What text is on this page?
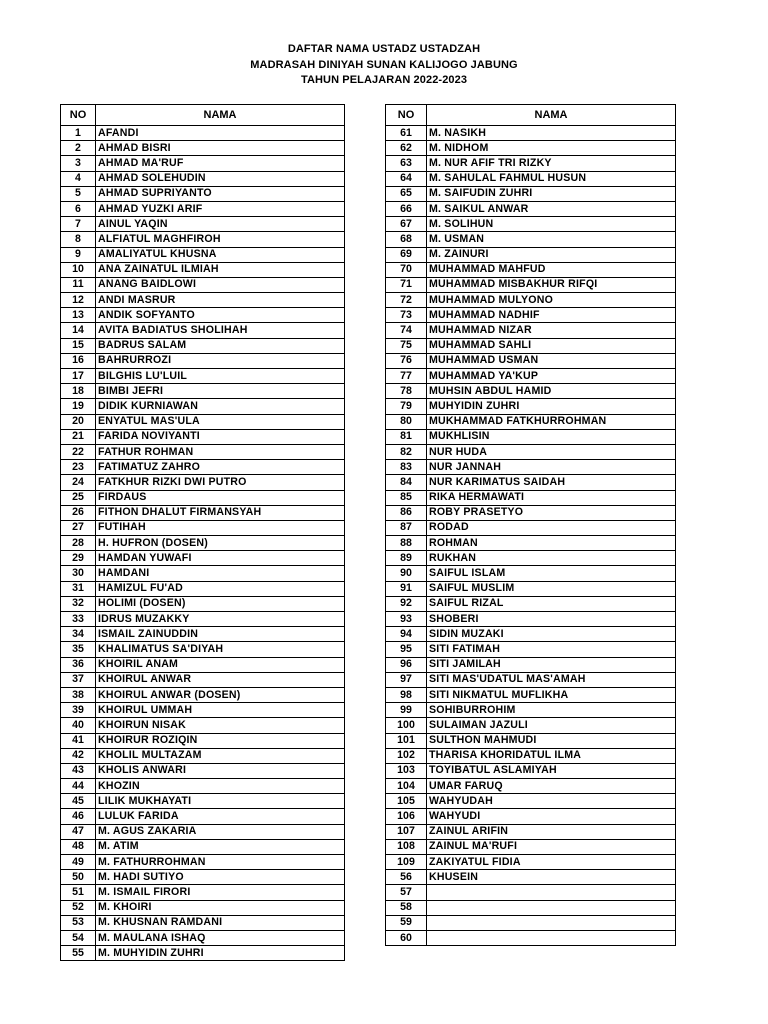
DAFTAR NAMA USTADZ USTADZAH
MADRASAH DINIYAH SUNAN KALIJOGO JABUNG
TAHUN PELAJARAN 2022-2023
NO	NAMA
1	AFANDI
2	AHMAD BISRI
3	AHMAD MA'RUF
4	AHMAD SOLEHUDIN
5	AHMAD SUPRIYANTO
6	AHMAD YUZKI ARIF
7	AINUL YAQIN
8	ALFIATUL MAGHFIROH
9	AMALIYATUL KHUSNA
10	ANA ZAINATUL ILMIAH
11	ANANG BAIDLOWI
12	ANDI MASRUR
13	ANDIK SOFYANTO
14	AVITA BADIATUS SHOLIHAH
15	BADRUS SALAM
16	BAHRURROZI
17	BILGHIS LU'LUIL
18	BIMBI JEFRI
19	DIDIK KURNIAWAN
20	ENYATUL MAS'ULA
21	FARIDA NOVIYANTI
22	FATHUR ROHMAN
23	FATIMATUZ ZAHRO
24	FATKHUR RIZKI DWI PUTRO
25	FIRDAUS
26	FITHON DHALUT FIRMANSYAH
27	FUTIHAH
28	H. HUFRON (DOSEN)
29	HAMDAN YUWAFI
30	HAMDANI
31	HAMIZUL FU'AD
32	HOLIMI (DOSEN)
33	IDRUS MUZAKKY
34	ISMAIL ZAINUDDIN
35	KHALIMATUS SA'DIYAH
36	KHOIRIL ANAM
37	KHOIRUL ANWAR
38	KHOIRUL ANWAR (DOSEN)
39	KHOIRUL UMMAH
40	KHOIRUN NISAK
41	KHOIRUR ROZIQIN
42	KHOLIL MULTAZAM
43	KHOLIS ANWARI
44	KHOZIN
45	LILIK MUKHAYATI
46	LULUK FARIDA
47	M. AGUS ZAKARIA
48	M. ATIM
49	M. FATHURROHMAN
50	M. HADI SUTIYO
51	M. ISMAIL FIRORI
52	M. KHOIRI
53	M. KHUSNAN RAMDANI
54	M. MAULANA ISHAQ
55	M. MUHYIDIN ZUHRI
NO	NAMA
61	M. NASIKH
62	M. NIDHOM
63	M. NUR AFIF TRI RIZKY
64	M. SAHULAL FAHMUL HUSUN
65	M. SAIFUDIN ZUHRI
66	M. SAIKUL ANWAR
67	M. SOLIHUN
68	M. USMAN
69	M. ZAINURI
70	MUHAMMAD MAHFUD
71	MUHAMMAD MISBAKHUR RIFQI
72	MUHAMMAD MULYONO
73	MUHAMMAD NADHIF
74	MUHAMMAD NIZAR
75	MUHAMMAD SAHLI
76	MUHAMMAD USMAN
77	MUHAMMAD YA'KUP
78	MUHSIN ABDUL HAMID
79	MUHYIDIN ZUHRI
80	MUKHAMMAD FATKHURROHMAN
81	MUKHLISIN
82	NUR HUDA
83	NUR JANNAH
84	NUR KARIMATUS SAIDAH
85	RIKA HERMAWATI
86	ROBY PRASETYO
87	RODAD
88	ROHMAN
89	RUKHAN
90	SAIFUL ISLAM
91	SAIFUL MUSLIM
92	SAIFUL RIZAL
93	SHOBERI
94	SIDIN MUZAKI
95	SITI FATIMAH
96	SITI JAMILAH
97	SITI MAS'UDATUL MAS'AMAH
98	SITI NIKMATUL MUFLIKHA
99	SOHIBURROHIM
100	SULAIMAN JAZULI
101	SULTHON MAHMUDI
102	THARISA KHORIDATUL ILMA
103	TOYIBATUL ASLAMIYAH
104	UMAR FARUQ
105	WAHYUDAH
106	WAHYUDI
107	ZAINUL ARIFIN
108	ZAINUL MA'RUFI
109	ZAKIYATUL FIDIA
56	KHUSEIN
57	
58	
59	
60	
